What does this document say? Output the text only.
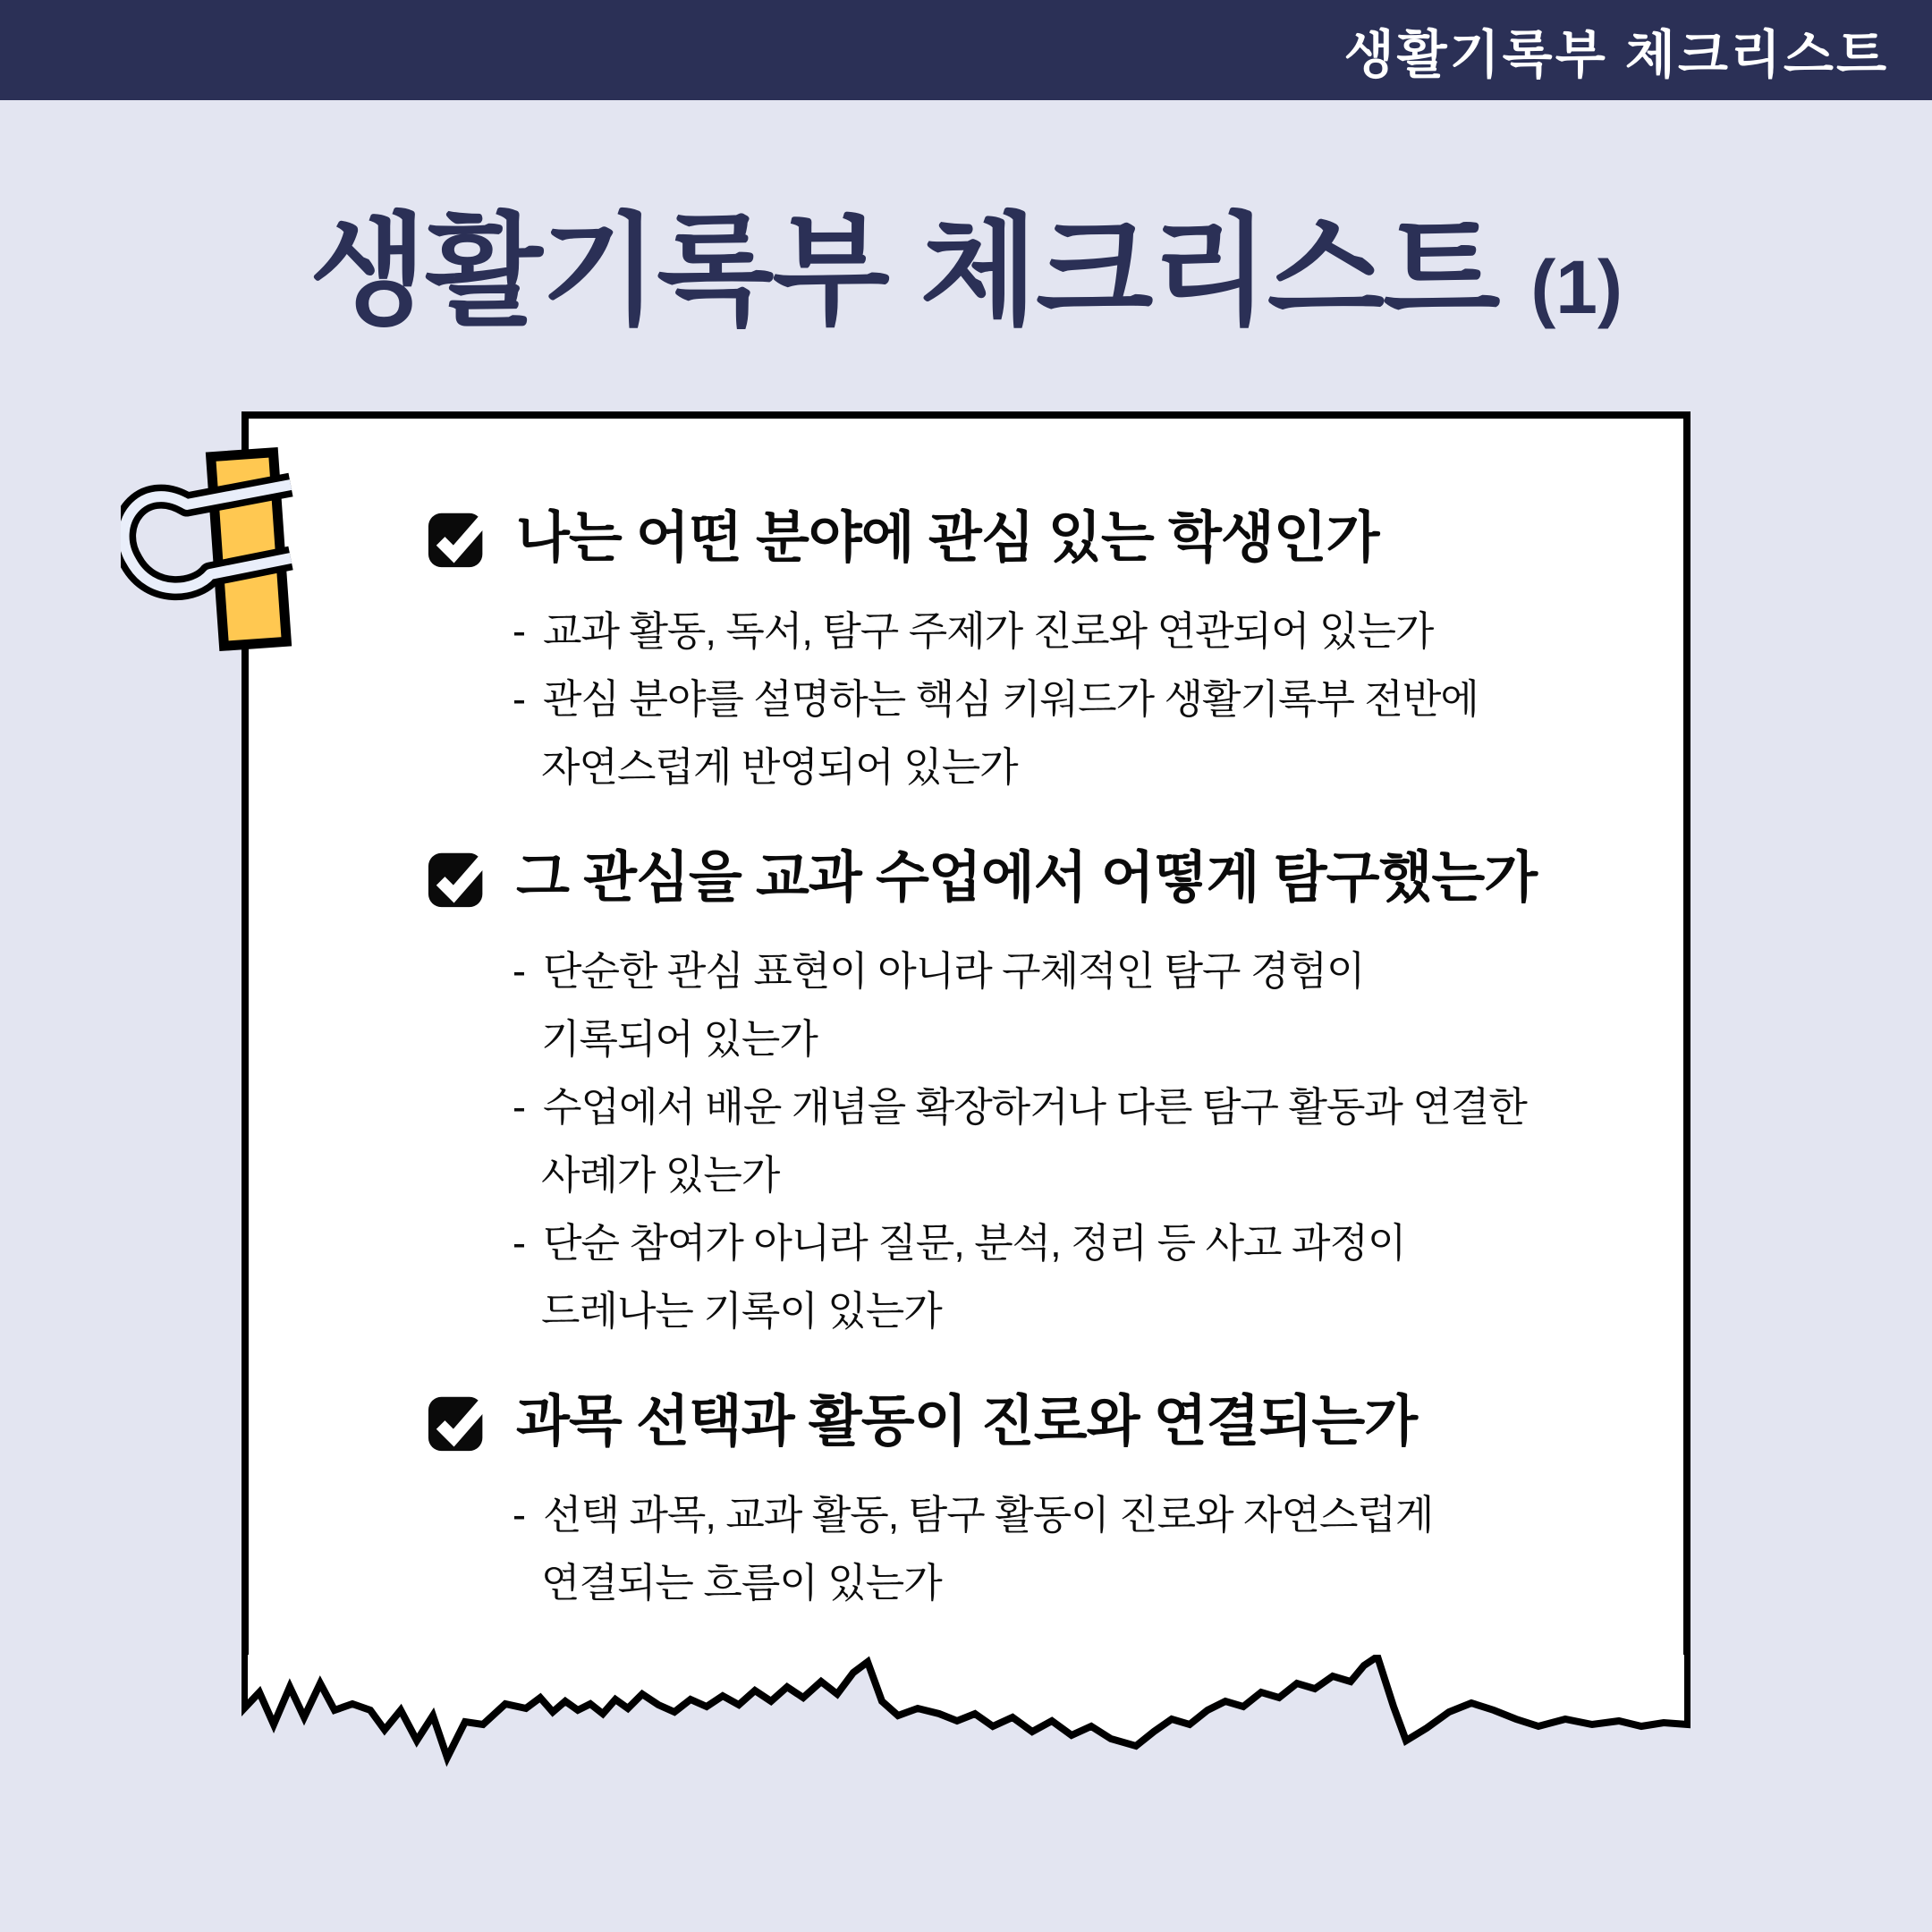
생활기록부 체크리스트
생활기록부 체크리스트 (1)
나는 어떤 분야에 관심 있는 학생인가
- 교과 활동, 독서, 탐구 주제가 진로와 연관되어 있는가
- 관심 분야를 설명하는 핵심 키워드가 생활기록부 전반에
자연스럽게 반영되어 있는가
그 관심을 교과 수업에서 어떻게 탐구했는가
- 단순한 관심 표현이 아니라 구체적인 탐구 경험이
기록되어 있는가
- 수업에서 배운 개념을 확장하거나 다른 탐구 활동과 연결한
사례가 있는가
- 단순 참여가 아니라 질문, 분석, 정리 등 사고 과정이
드레나는 기록이 있는가
과목 선택과 활동이 진로와 연결되는가
- 선택 과목, 교과 활동, 탐구 활동이 진로와 자연스럽게
연결되는 흐름이 있는가
